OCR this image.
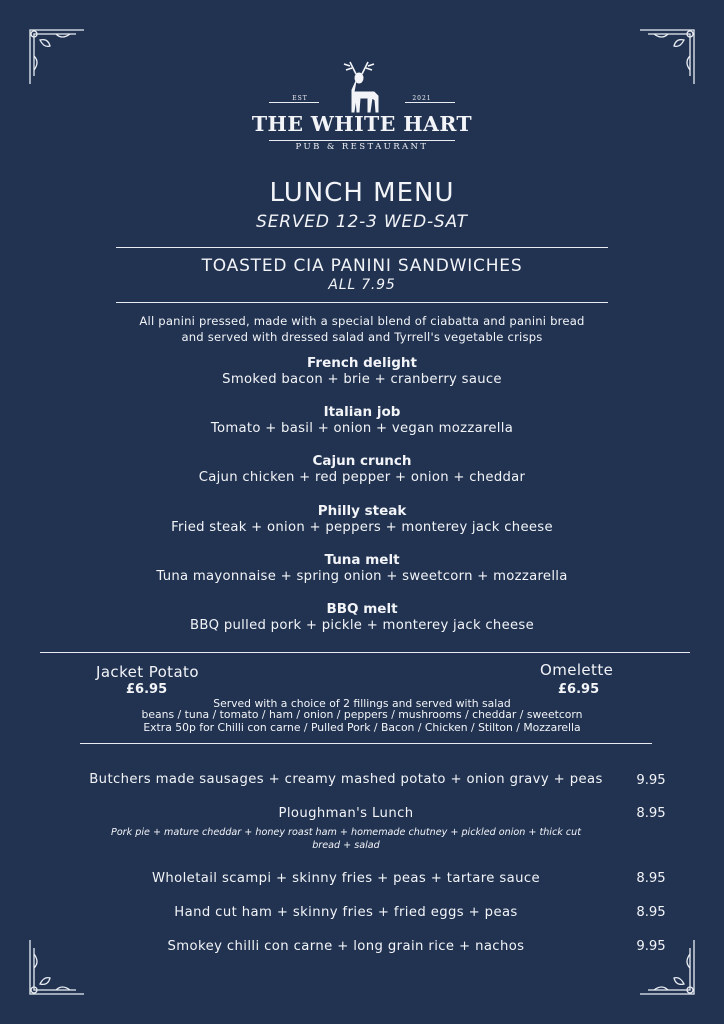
EST	2021
THE WHITE HART
PUB & RESTAURANT
LUNCH MENU
SERVED 12-3 WED-SAT
TOASTED CIA PANINI SANDWICHES
ALL 7.95
All panini pressed, made with a special blend of ciabatta and panini bread
and served with dressed salad and Tyrrell's vegetable crisps
French delight
Smoked bacon + brie + cranberry sauce
Italian job
Tomato + basil + onion + vegan mozzarella
Cajun crunch
Cajun chicken + red pepper + onion + cheddar
Philly steak
Fried steak + onion + peppers + monterey jack cheese
Tuna melt
Tuna mayonnaise + spring onion + sweetcorn + mozzarella
BBQ melt
BBQ pulled pork + pickle + monterey jack cheese
Jacket Potato
£6.95
Omelette
£6.95
Served with a choice of 2 fillings and served with salad
beans / tuna / tomato / ham / onion / peppers / mushrooms / cheddar / sweetcorn
Extra 50p for Chilli con carne / Pulled Pork / Bacon / Chicken / Stilton / Mozzarella
Butchers made sausages + creamy mashed potato + onion gravy + peas	9.95
Ploughman's Lunch	8.95
Pork pie + mature cheddar + honey roast ham + homemade chutney + pickled onion + thick cut
bread + salad
Wholetail scampi + skinny fries + peas + tartare sauce	8.95
Hand cut ham + skinny fries + fried eggs + peas	8.95
Smokey chilli con carne + long grain rice + nachos	9.95
